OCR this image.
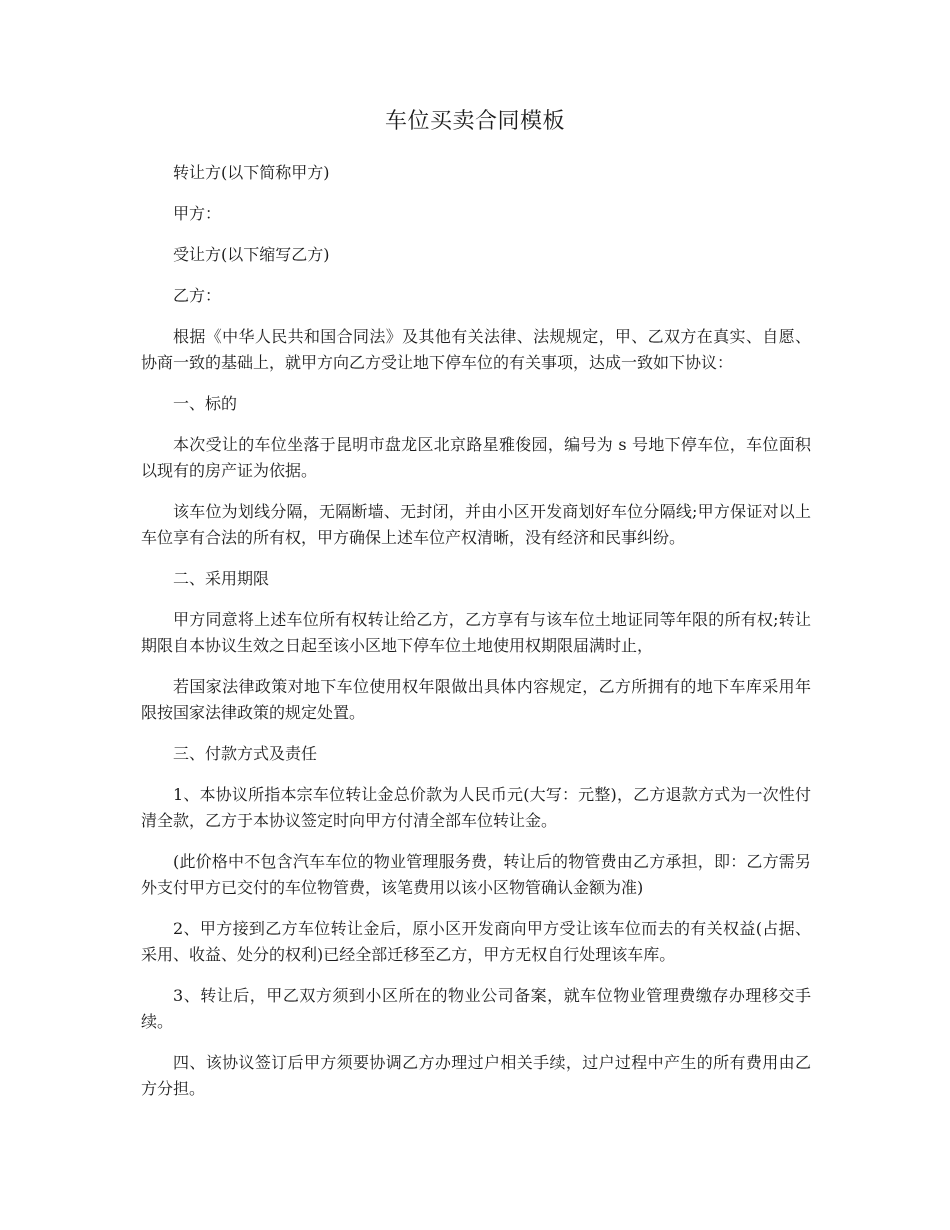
车位买卖合同模板

转让方(以下简称甲方)

甲方：

受让方(以下缩写乙方)

乙方：

根据《中华人民共和国合同法》及其他有关法律、法规规定，甲、乙双方在真实、自愿、协商一致的基础上，就甲方向乙方受让地下停车位的有关事项，达成一致如下协议：

一、标的

本次受让的车位坐落于昆明市盘龙区北京路星雅俊园，编号为 s 号地下停车位，车位面积以现有的房产证为依据。

该车位为划线分隔，无隔断墙、无封闭，并由小区开发商划好车位分隔线;甲方保证对以上车位享有合法的所有权，甲方确保上述车位产权清晰，没有经济和民事纠纷。

二、采用期限

甲方同意将上述车位所有权转让给乙方，乙方享有与该车位土地证同等年限的所有权;转让期限自本协议生效之日起至该小区地下停车位土地使用权期限届满时止，

若国家法律政策对地下车位使用权年限做出具体内容规定，乙方所拥有的地下车库采用年限按国家法律政策的规定处置。

三、付款方式及责任

1、本协议所指本宗车位转让金总价款为人民币元(大写：元整)，乙方退款方式为一次性付清全款，乙方于本协议签定时向甲方付清全部车位转让金。

(此价格中不包含汽车车位的物业管理服务费，转让后的物管费由乙方承担，即：乙方需另外支付甲方已交付的车位物管费，该笔费用以该小区物管确认金额为准)

2、甲方接到乙方车位转让金后，原小区开发商向甲方受让该车位而去的有关权益(占据、采用、收益、处分的权利)已经全部迁移至乙方，甲方无权自行处理该车库。

3、转让后，甲乙双方须到小区所在的物业公司备案，就车位物业管理费缴存办理移交手续。

四、该协议签订后甲方须要协调乙方办理过户相关手续，过户过程中产生的所有费用由乙方分担。
